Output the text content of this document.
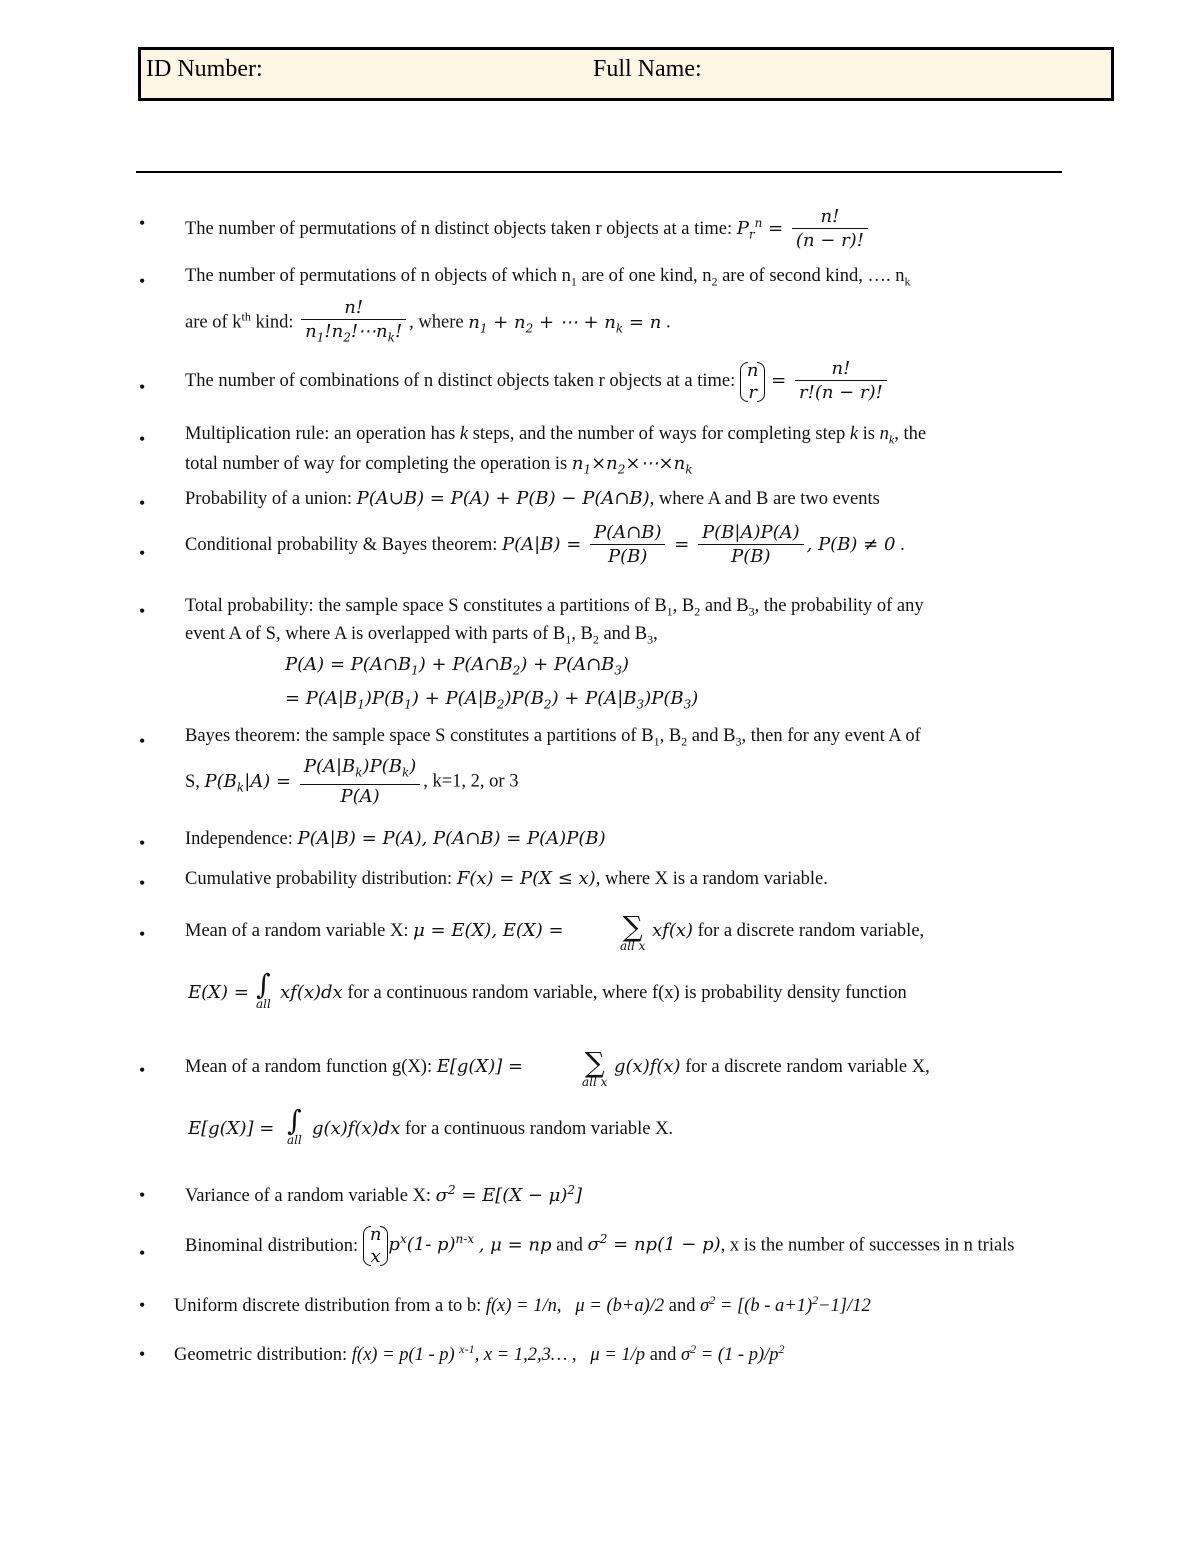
ID Number:	Full Name:
•
The number of permutations of n distinct objects taken r objects at a time: $P_r^n = \frac{n!}{(n - r)!}$
•
The number of permutations of n objects of which $n_1$ are of one kind, $n_2$ are of second kind, …. $n_k$
are of $k^{th}$ kind: $\frac{n!}{n_1!n_2!\cdots n_k!}$ , where $n_1 + n_2$ + ⋯ + $n_k = n$ .
•
The number of combinations of n distinct objects taken r objects at a time:
n
r
= $\frac{n!}{r!(n - r)!}$
•
Multiplication rule: an operation has k steps, and the number of ways for completing step k is $n_k$, the
total number of way for completing the operation is $n_1\times n_2\times\cdots\times n_k$
•
Probability of a union: P(A∪B) = P(A) + P(B) − P(A∩B), where A and B are two events
•
Conditional probability & Bayes theorem: $P(A|B) = \frac{P(A\cap B)}{P(B)} = \frac{P(B|A)P(A)}{P(B)}$ , P(B) ≠ 0 .
•
Total probability: the sample space S constitutes a partitions of $B_1$, $B_2$ and $B_3$, the probability of any
event A of S, where A is overlapped with parts of $B_1$, $B_2$ and $B_3$,
$P(A) = P(A\cap B_1)$ + $P(A\cap B_2)$ + $P(A\cap B_3)$
= $P(A|B_1)P(B_1) + P(A|B_2)P(B_2) + P(A|B_3)P(B_3)$
•
Bayes theorem: the sample space S constitutes a partitions of $B_1$, $B_2$ and $B_3$, then for any event A of
S, $P(B_k|A) = \frac{P(A|B_k)P(B_k)}{P(A)}$ , k=1, 2, or 3
•
Independence: P(A|B) = P(A), P(A∩B) = P(A)P(B)
•
Cumulative probability distribution: F(x) = P(X ≤ x), where X is a random variable.
•
Mean of a random variable X: μ = E(X), E(X) = ∑
all x
xf(x) for a discrete random variable,
E(X) = ∫
all
xf(x)dx for a continuous random variable, where f(x) is probability density function
•
Mean of a random function g(X): E[g(X)] = ∑
all x
g(x)f(x) for a discrete random variable X,
E[g(X)] = ∫
all
g(x)f(x)dx for a continuous random variable X.
•
Variance of a random variable X: $\sigma^2 = E[(X - \mu)^2]$
•
Binominal distribution:
n
x
$p^x(1-$ p)$^{n-x}$ , μ = np and $\sigma^2 = np(1 - p)$, x is the number of successes in n trials
•
Uniform discrete distribution from a to b: f(x) = 1/n,   μ = (b+a)/2 and $\sigma^2 = [(b - a+1)^2-1]/12$
•
Geometric distribution: f(x) = p(1 - p) $^{x-1}$, x = 1,2,3… ,   μ = 1/p and $\sigma^2 = (1 - p)/p^2$
